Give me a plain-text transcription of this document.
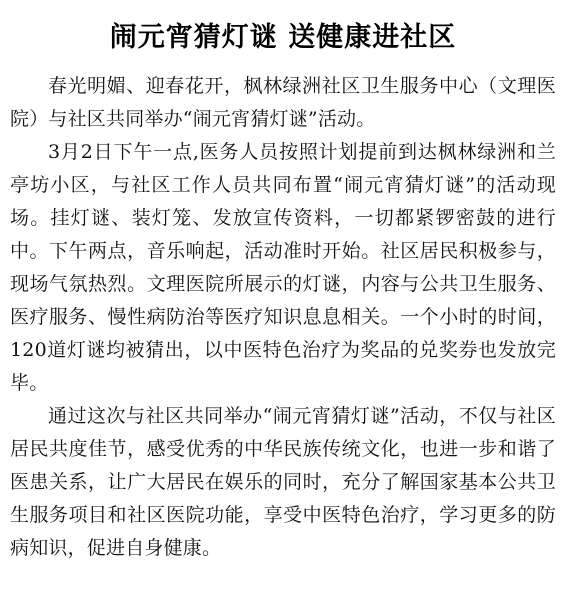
闹元宵猜灯谜 送健康进社区

春光明媚、迎春花开，枫林绿洲社区卫生服务中心（文理医院）与社区共同举办“闹元宵猜灯谜”活动。

3月2日下午一点,医务人员按照计划提前到达枫林绿洲和兰亭坊小区，与社区工作人员共同布置“闹元宵猜灯谜”的活动现场。挂灯谜、装灯笼、发放宣传资料，一切都紧锣密鼓的进行中。下午两点，音乐响起，活动准时开始。社区居民积极参与，现场气氛热烈。文理医院所展示的灯谜，内容与公共卫生服务、医疗服务、慢性病防治等医疗知识息息相关。一个小时的时间，120道灯谜均被猜出，以中医特色治疗为奖品的兑奖券也发放完毕。

通过这次与社区共同举办“闹元宵猜灯谜”活动，不仅与社区居民共度佳节，感受优秀的中华民族传统文化，也进一步和谐了医患关系，让广大居民在娱乐的同时，充分了解国家基本公共卫生服务项目和社区医院功能，享受中医特色治疗，学习更多的防病知识，促进自身健康。
